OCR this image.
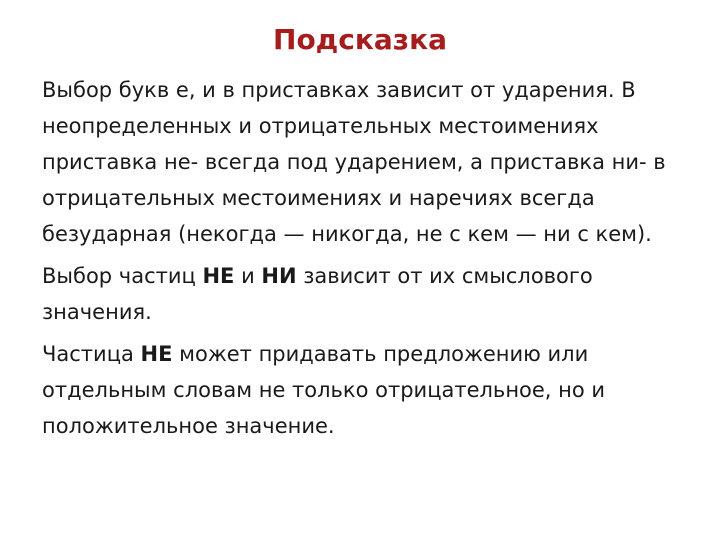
Подсказка

Выбор букв е, и в приставках зависит от ударения. В неопределенных и отрицательных местоимениях приставка не- всегда под ударением, а приставка ни- в отрицательных местоимениях и наречиях всегда безударная (некогда — никогда, не с кем — ни с кем).

Выбор частиц НЕ и НИ зависит от их смыслового значения.

Частица НЕ может придавать предложению или отдельным словам не только отрицательное, но и положительное значение.
